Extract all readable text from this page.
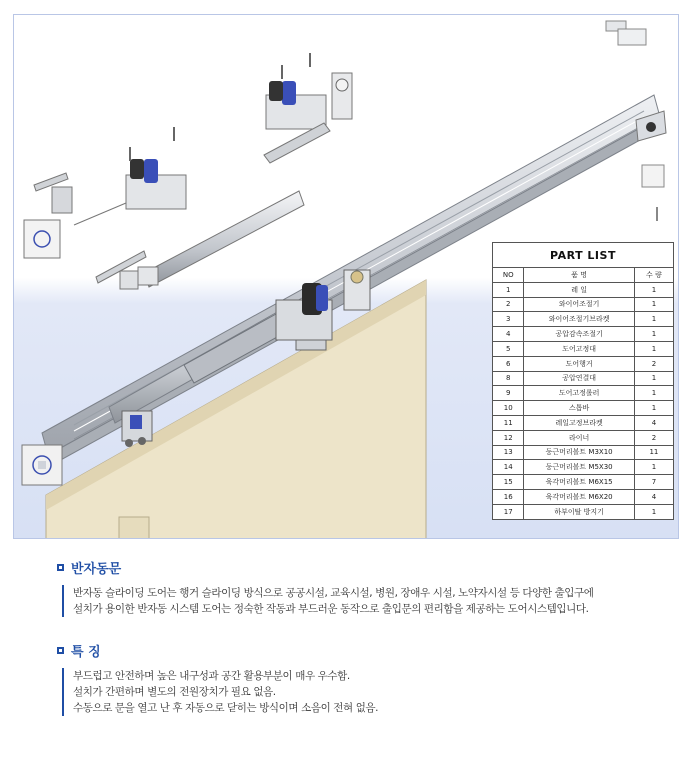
PART LIST		
NO	품 명	수 량
1	레 일	1
2	와이어조절기	1
3	와이어조절기브라켓	1
4	공압감속조절기	1
5	도어고정대	1
6	도어행거	2
8	공압연결대	1
9	도어고정롤러	1
10	스톱바	1
11	레일고정브라켓	4
12	라이너	2
13	둥근머리볼트 M3X10	11
14	둥근머리볼트 M5X30	1
15	육각머리볼트 M6X15	7
16	육각머리볼트 M6X20	4
17	하부이탈 방지기	1
반자동문

반자동 슬라이딩 도어는 행거 슬라이딩 방식으로 공공시설, 교육시설, 병원, 장애우 시설, 노약자시설 등 다양한 출입구에

설치가 용이한 반자동 시스템 도어는 정숙한 작동과 부드러운 동작으로 출입문의 편리함을 제공하는 도어시스템입니다.

특 징

부드럽고 안전하며 높은 내구성과 공간 활용부분이 매우 우수함.

설치가 간편하며 별도의 전원장치가 필요 없음.

수동으로 문을 열고 난 후 자동으로 닫히는 방식이며 소음이 전혀 없음.
